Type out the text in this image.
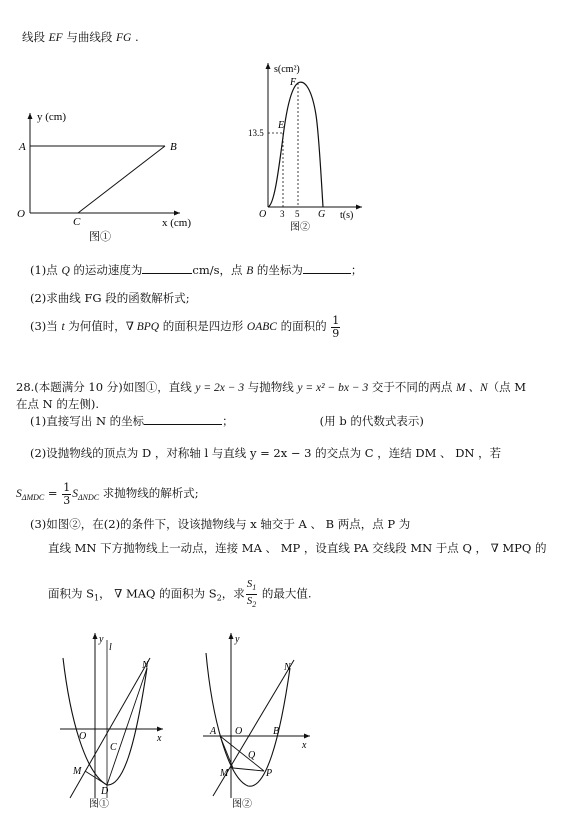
线段 EF 与曲线段 FG .
y (cm)
A	B
O
C	x (cm)
图①
s(cm²)
13.5
E
F
O 3 5 G t(s)
图②
(1)点 Q 的运动速度为	cm/s，点 B 的坐标为	；
(2)求曲线 FG 段的函数解析式;
(3)当 t 为何值时，∇ BPQ 的面积是四边形 OABC 的面积的 $\frac{1}{9}$
28.(本题满分 10 分)如图①，直线 y = 2x − 3 与抛物线 y = x² − bx − 3 交于不同的两点 M 、N（点 M
在点 N 的左侧).
(1)直接写出 N 的坐标	；	(用 b 的代数式表示)
(2)设抛物线的顶点为 D ，对称轴 l 与直线 y = 2x − 3 的交点为 C ，连结 DM 、 DN ，若
$S_{\Delta MDC} = \frac{1}{3} S_{\Delta NDC}$ 求抛物线的解析式;
(3)如图②，在(2)的条件下，设该抛物线与 x 轴交于 A 、 B 两点，点 P 为
直线 MN 下方抛物线上一动点，连接 MA 、 MP ，设直线 PA 交线段 MN 于点 Q ， ∇ MPQ 的
面积为 $S_1$， ∇ MAQ 的面积为 $S_2$，求 $\frac{S_1}{S_2}$ 的最大值.
y
l
N
O	x
C
M
D
图①
y
N
A O	B
x
Q
M	P
图②
